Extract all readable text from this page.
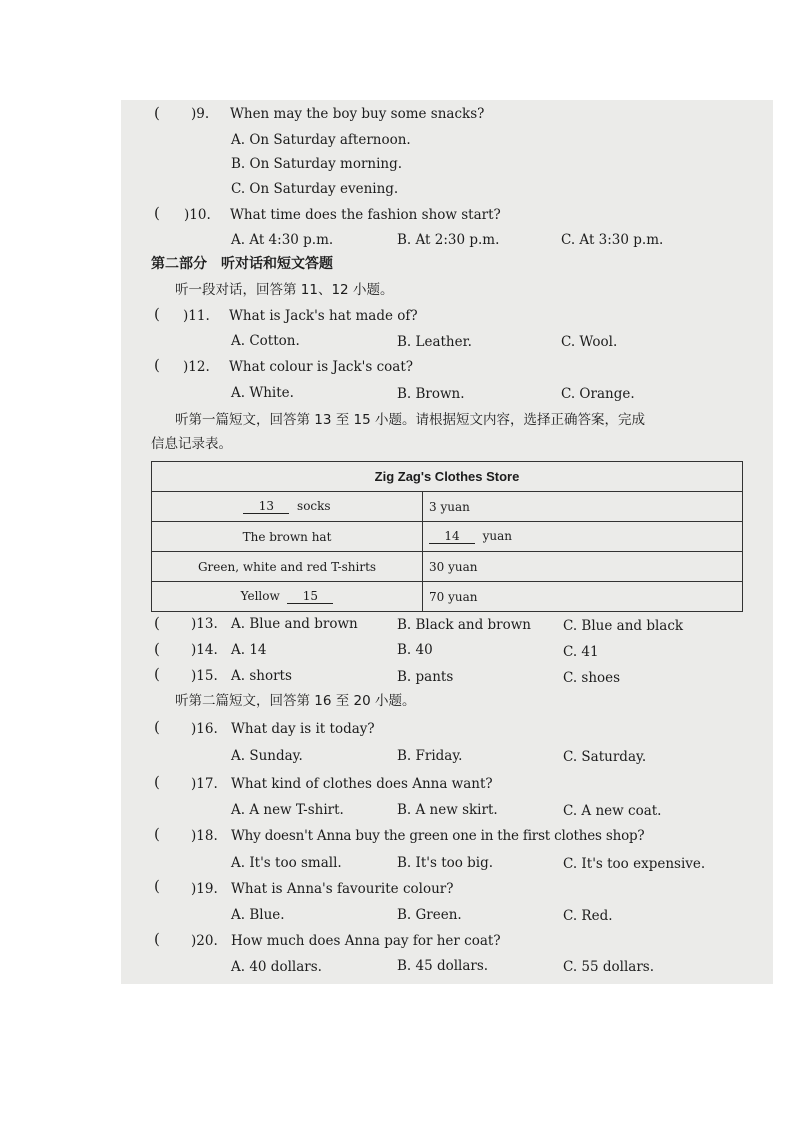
( )9. When may the boy buy some snacks?
A. On Saturday afternoon.
B. On Saturday morning.
C. On Saturday evening.
( )10. What time does the fashion show start?
A. At 4:30 p.m.	B. At 2:30 p.m.	C. At 3:30 p.m.
第二部分　听对话和短文答题
听一段对话，回答第 11、12 小题。
( )11. What is Jack's hat made of?
A. Cotton.	B. Leather.	C. Wool.
( )12. What colour is Jack's coat?
A. White.	B. Brown.	C. Orange.
听第一篇短文，回答第 13 至 15 小题。请根据短文内容，选择正确答案，完成
信息记录表。
Zig Zag's Clothes Store	
13 socks	3 yuan
The brown hat	14 yuan
Green, white and red T-shirts	30 yuan
Yellow 15	70 yuan
( )13. A. Blue and brown	B. Black and brown C. Blue and black
( )14. A. 14	B. 40	C. 41
( )15. A. shorts	B. pants	C. shoes
听第二篇短文，回答第 16 至 20 小题。
( )16. What day is it today?
A. Sunday.	B. Friday.	C. Saturday.
( )17. What kind of clothes does Anna want?
A. A new T-shirt.	B. A new skirt.	C. A new coat.
( )18. Why doesn't Anna buy the green one in the first clothes shop?
A. It's too small.	B. It's too big.	C. It's too expensive.
( )19. What is Anna's favourite colour?
A. Blue.	B. Green.	C. Red.
( )20. How much does Anna pay for her coat?
A. 40 dollars.	B. 45 dollars.	C. 55 dollars.
